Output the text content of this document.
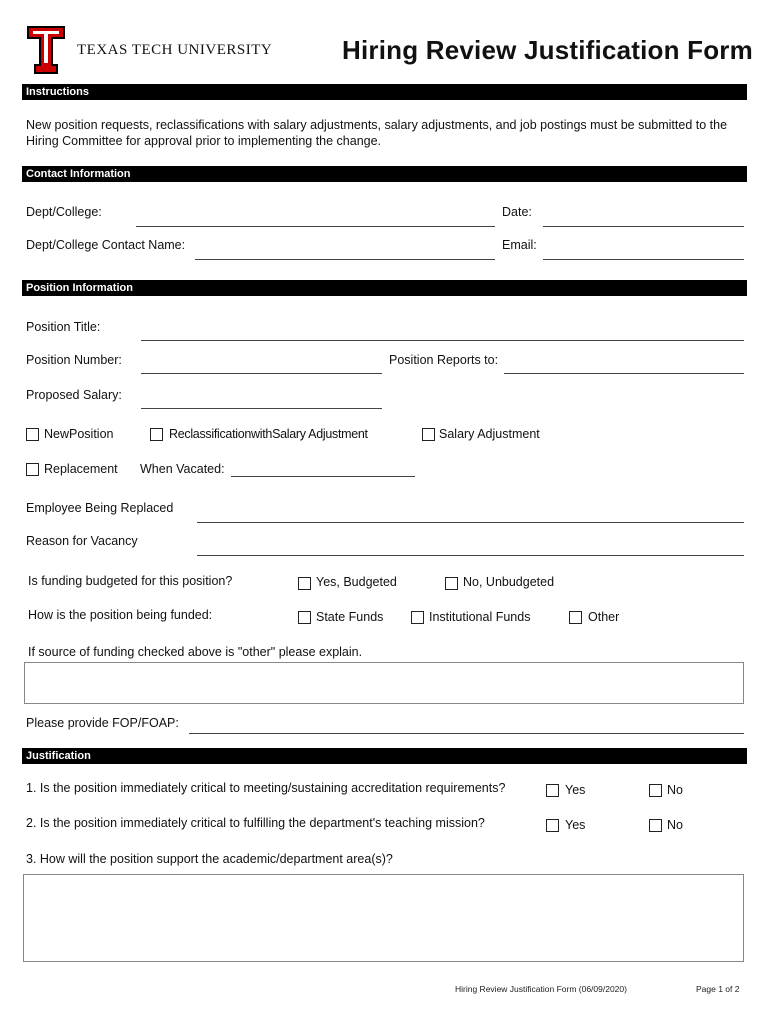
TEXAS TECH UNIVERSITY	Hiring Review Justification Form
Instructions
New position requests, reclassifications with salary adjustments, salary adjustments, and job postings must be submitted to the
Hiring Committee for approval prior to implementing the change.
Contact Information
Dept/College:	Date:
Dept/College Contact Name:	Email:
Position Information
Position Title:
Position Number:	Position Reports to:
Proposed Salary:
NewPosition	ReclassificationwithSalary Adjustment	Salary Adjustment
Replacement When Vacated:
Employee Being Replaced
Reason for Vacancy
Is funding budgeted for this position?	Yes, Budgeted	No, Unbudgeted
How is the position being funded:	State Funds	Institutional Funds	Other
If source of funding checked above is "other" please explain.
Please provide FOP/FOAP:
Justification
1. Is the position immediately critical to meeting/sustaining accreditation requirements?	Yes	No
2. Is the position immediately critical to fulfilling the department's teaching mission?	Yes	No
3. How will the position support the academic/department area(s)?
Hiring Review Justification Form (06/09/2020)	Page 1 of 2
